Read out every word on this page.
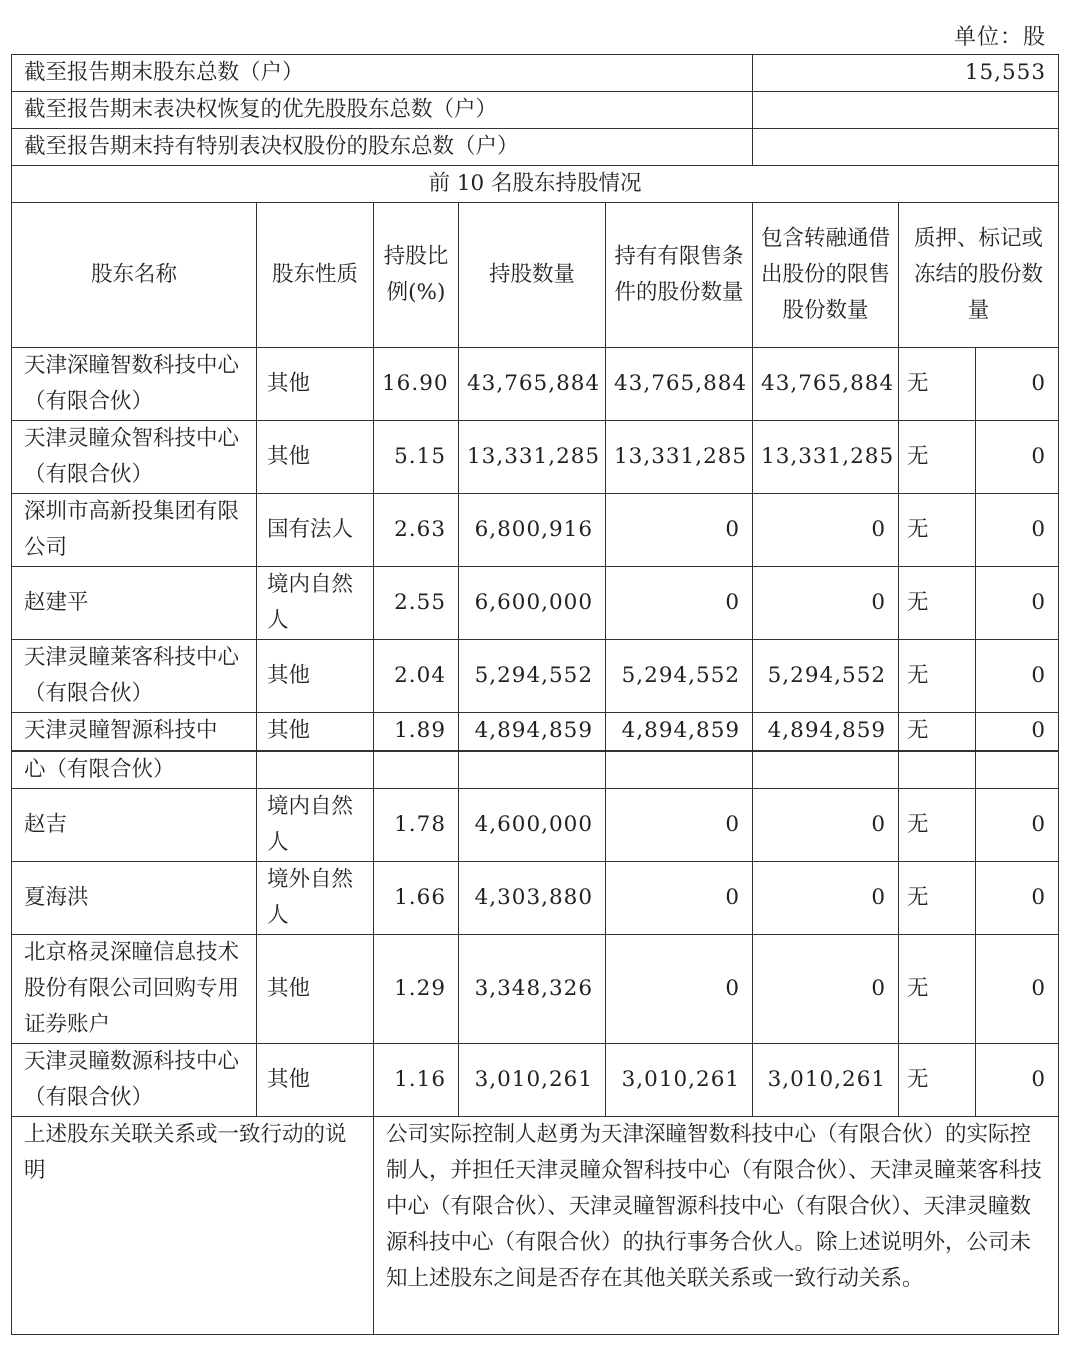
单位：股
截至报告期末股东总数（户）					15,553		
截至报告期末表决权恢复的优先股股东总数（户）							
截至报告期末持有特别表决权股份的股东总数（户）							
前 10 名股东持股情况							
股东名称	股东性质	持股比例(%)	持股数量	持有有限售条件的股份数量	包含转融通借出股份的限售股份数量	质押、标记或冻结的股份数量	
天津深瞳智数科技中心（有限合伙）	其他	16.90	43,765,884	43,765,884	43,765,884	无	0
天津灵瞳众智科技中心（有限合伙）	其他	5.15	13,331,285	13,331,285	13,331,285	无	0
深圳市高新投集团有限公司	国有法人	2.63	6,800,916	0	0	无	0
赵建平	境内自然人	2.55	6,600,000	0	0	无	0
天津灵瞳莱客科技中心（有限合伙）	其他	2.04	5,294,552	5,294,552	5,294,552	无	0
天津灵瞳智源科技中	其他	1.89	4,894,859	4,894,859	4,894,859	无	0
心（有限合伙）							
赵吉	境内自然人	1.78	4,600,000	0	0	无	0
夏海洪	境外自然人	1.66	4,303,880	0	0	无	0
北京格灵深瞳信息技术股份有限公司回购专用证券账户	其他	1.29	3,348,326	0	0	无	0
天津灵瞳数源科技中心（有限合伙）	其他	1.16	3,010,261	3,010,261	3,010,261	无	0
上述股东关联关系或一致行动的说明		公司实际控制人赵勇为天津深瞳智数科技中心（有限合伙）的实际控制人，并担任天津灵瞳众智科技中心（有限合伙）、天津灵瞳莱客科技中心（有限合伙）、天津灵瞳智源科技中心（有限合伙）、天津灵瞳数源科技中心（有限合伙）的执行事务合伙人。除上述说明外，公司未知上述股东之间是否存在其他关联关系或一致行动关系。					
